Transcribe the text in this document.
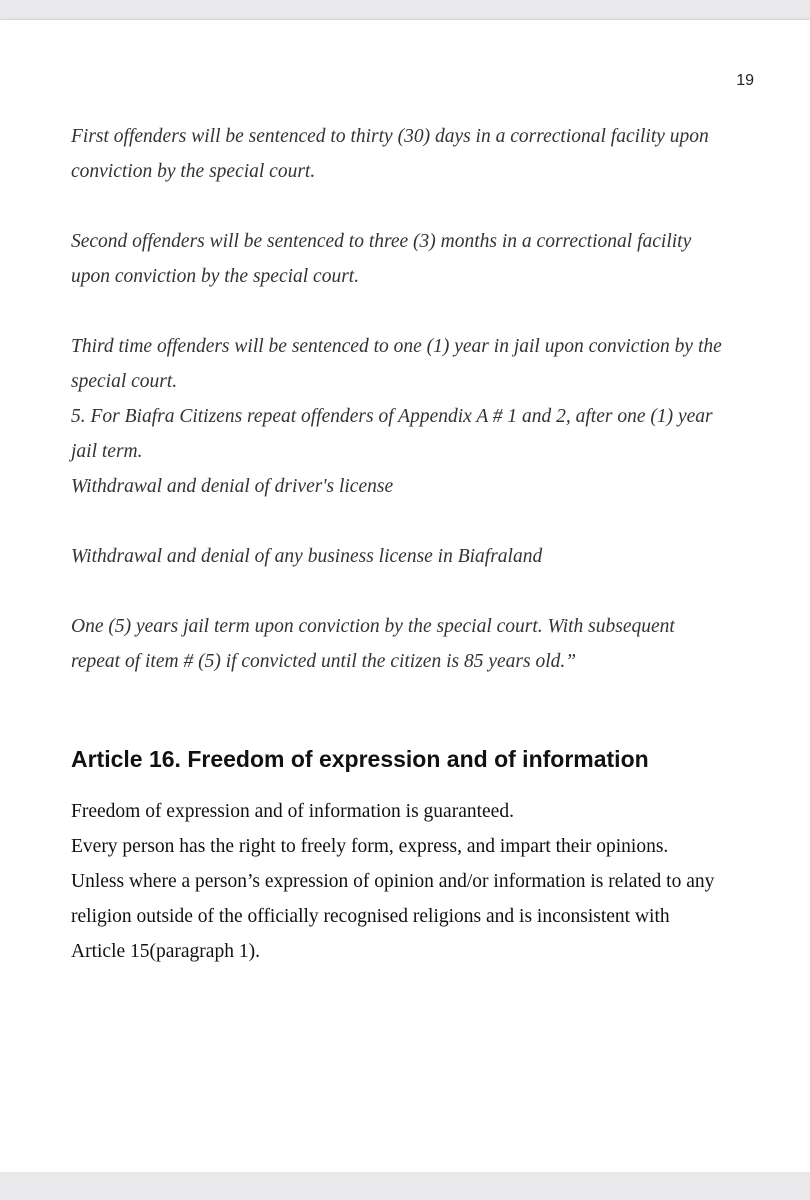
19

First offenders will be sentenced to thirty (30) days in a correctional facility upon

conviction by the special court.

Second offenders will be sentenced to three (3) months in a correctional facility

upon conviction by the special court.

Third time offenders will be sentenced to one (1) year in jail upon conviction by the

special court.

5. For Biafra Citizens repeat offenders of Appendix A # 1 and 2, after one (1) year

jail term.

Withdrawal and denial of driver's license

Withdrawal and denial of any business license in Biafraland

One (5) years jail term upon conviction by the special court. With subsequent

repeat of item # (5) if convicted until the citizen is 85 years old.”

Article 16. Freedom of expression and of information

Freedom of expression and of information is guaranteed.

Every person has the right to freely form, express, and impart their opinions.

Unless where a person’s expression of opinion and/or information is related to any

religion outside of the officially recognised religions and is inconsistent with

Article 15(paragraph 1).
